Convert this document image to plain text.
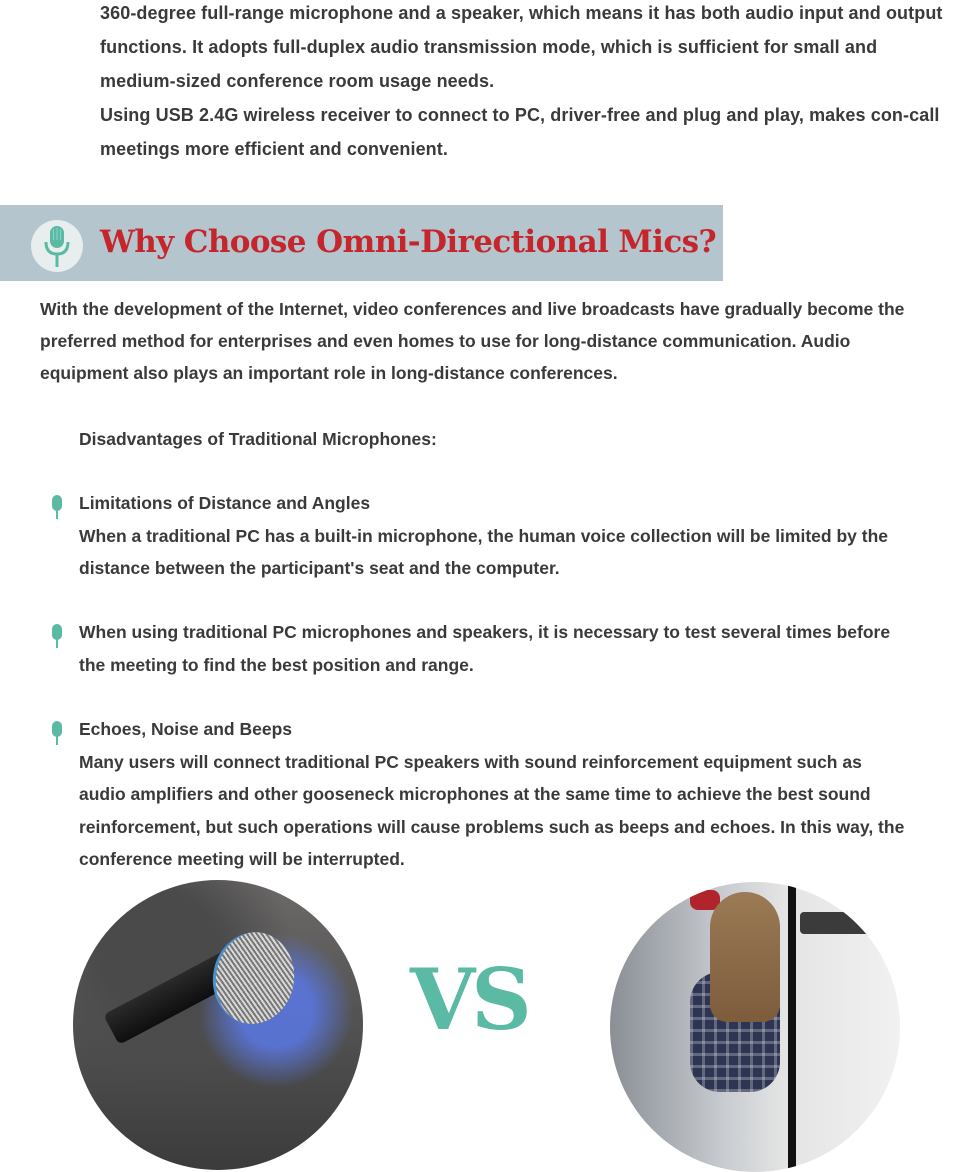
360-degree full-range microphone and a speaker, which means it has both audio input and output functions. It adopts full-duplex audio transmission mode, which is sufficient for small and medium-sized conference room usage needs.

Using USB 2.4G wireless receiver to connect to PC, driver-free and plug and play, makes con-call meetings more efficient and convenient.

Why Choose Omni-Directional Mics?

With the development of the Internet, video conferences and live broadcasts have gradually become the preferred method for enterprises and even homes to use for long-distance communication. Audio equipment also plays an important role in long-distance conferences.

Disadvantages of Traditional Microphones:

Limitations of Distance and Angles

When a traditional PC has a built-in microphone, the human voice collection will be limited by the distance between the participant's seat and the computer.

When using traditional PC microphones and speakers, it is necessary to test several times before the meeting to find the best position and range.

Echoes, Noise and Beeps

Many users will connect traditional PC speakers with sound reinforcement equipment such as audio amplifiers and other gooseneck microphones at the same time to achieve the best sound reinforcement, but such operations will cause problems such as beeps and echoes. In this way, the conference meeting will be interrupted.

VS
